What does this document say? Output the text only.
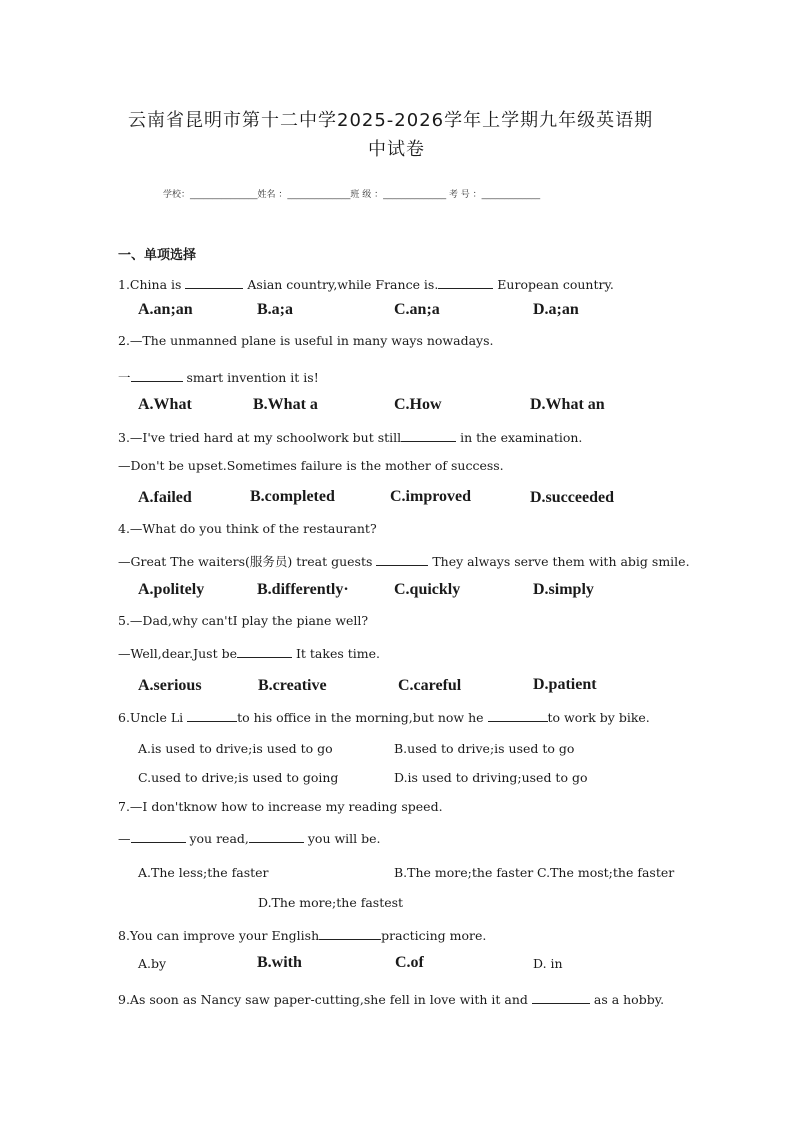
云南省昆明市第十二中学2025-2026学年上学期九年级英语期
中试卷
学校：_______________姓名 ：______________班 级 ：______________ 考 号 ：_____________
一、单项选择
1.China is	Asian country,while France is.	European country.
A.an;an	B.a;a	C.an;a	D.a;an
2.—The unmanned plane is useful in many ways nowadays.
一	smart invention it is!
A.What	B.What a	C.How	D.What an
3.—I've tried hard at my schoolwork but still	in the examination.
—Don't be upset.Sometimes failure is the mother of success.
A.failed	B.completed	C.improved	D.succeeded
4.—What do you think of the restaurant?
—Great The waiters(服务员) treat guests	They always serve them with abig smile.
A.politely	B.differently·	C.quickly	D.simply
5.—Dad,why can'tI play the piane well?
—Well,dear.Just be	It takes time.
A.serious	B.creative	C.careful	D.patient
6.Uncle Li	to his office in the morning,but now he	to work by bike.
A.is used to drive;is used to go	B.used to drive;is used to go
C.used to drive;is used to going	D.is used to driving;used to go
7.—I don'tknow how to increase my reading speed.
—	you read,	you will be.
A.The less;the faster	B.The more;the faster C.The most;the faster
D.The more;the fastest
8.You can improve your English	practicing more.
A.by	B.with	C.of	D. in
9.As soon as Nancy saw paper-cutting,she fell in love with it and	as a hobby.
